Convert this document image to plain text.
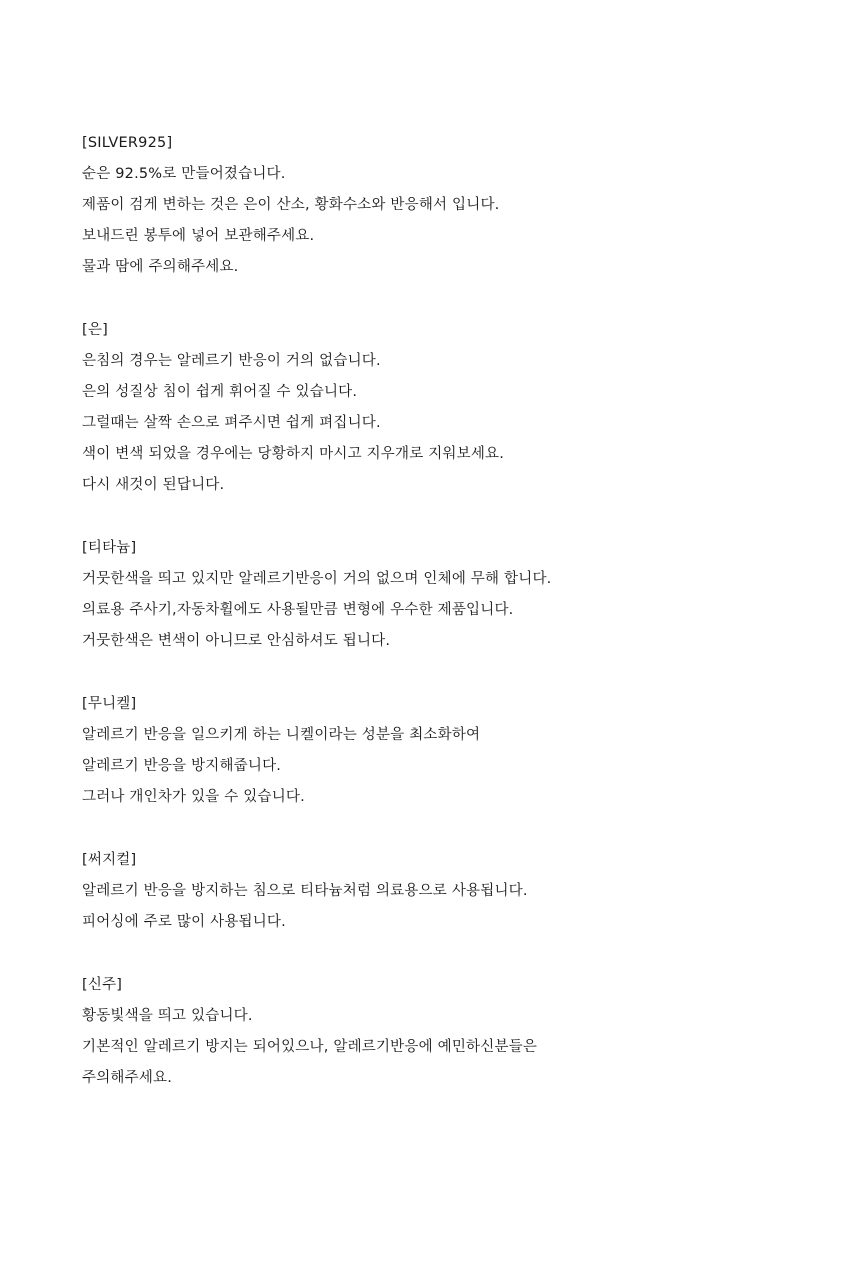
[SILVER925]
순은 92.5%로 만들어졌습니다.
제품이 검게 변하는 것은 은이 산소, 황화수소와 반응해서 입니다.
보내드린 봉투에 넣어 보관해주세요.
물과 땀에 주의해주세요.
[은]
은침의 경우는 알레르기 반응이 거의 없습니다.
은의 성질상 침이 쉽게 휘어질 수 있습니다.
그럴때는 살짝 손으로 펴주시면 쉽게 펴집니다.
색이 변색 되었을 경우에는 당황하지 마시고 지우개로 지워보세요.
다시 새것이 된답니다.
[티타늄]
거뭇한색을 띄고 있지만 알레르기반응이 거의 없으며 인체에 무해 합니다.
의료용 주사기,자동차휠에도 사용될만큼 변형에 우수한 제품입니다.
거뭇한색은 변색이 아니므로 안심하셔도 됩니다.
[무니켈]
알레르기 반응을 일으키게 하는 니켈이라는 성분을 최소화하여
알레르기 반응을 방지해줍니다.
그러나 개인차가 있을 수 있습니다.
[써지컬]
알레르기 반응을 방지하는 침으로 티타늄처럼 의료용으로 사용됩니다.
피어싱에 주로 많이 사용됩니다.
[신주]
황동빛색을 띄고 있습니다.
기본적인 알레르기 방지는 되어있으나, 알레르기반응에 예민하신분들은
주의해주세요.
